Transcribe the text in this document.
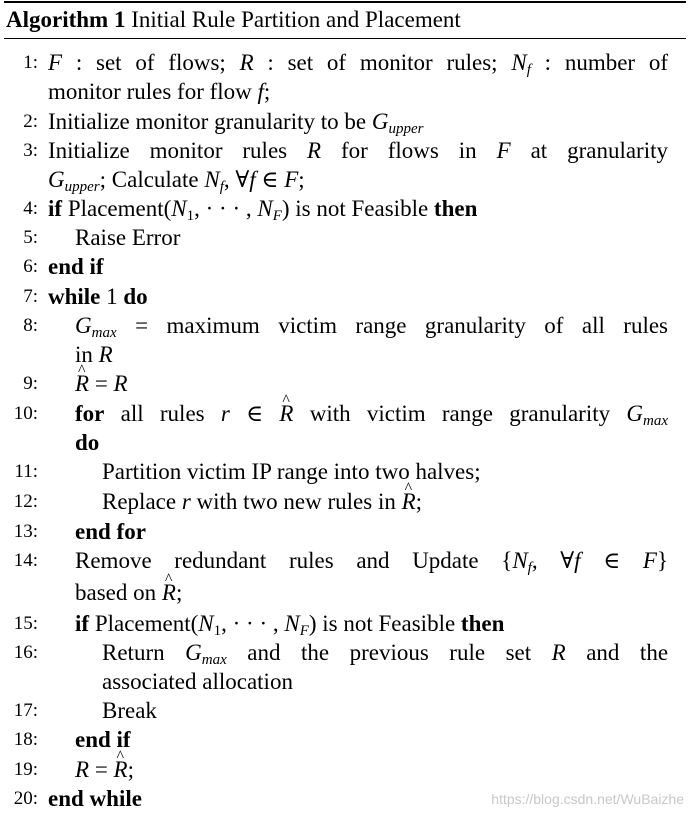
Algorithm 1 Initial Rule Partition and Placement
1: F : set of flows; R : set of monitor rules; $N_f$ : number of
monitor rules for flow f;
2: Initialize monitor granularity to be $G_{upper}$
3: Initialize monitor rules R for flows in F at granularity
$G_{upper}$; Calculate $N_f$, ∀f ∈ F;
4: if $Placement(N_1$, · · · , $N_F$) is not Feasible then
5: Raise Error
6: end if
7: while 1 do
8: $G_{max}$ = maximum victim range granularity of all rules
in R
9: ^ R = R
10: for all rules r ∈ ^ R with victim range granularity $G_{max}$
do
11:	Partition victim IP range into two halves;
12:	Replace r with two new rules in ^ R;
13: end for
14: Remove redundant rules and Update {$N_f$, ∀f ∈ F}
based on ^ R;
15: if $Placement(N_1$, · · · , $N_F$) is not Feasible then
16:	Return $G_{max}$ and the previous rule set R and the
associated allocation
17:	Break
18: end if
19: R = ^ R;
20: end while	https://blog.csdn.net/WuBaizhe
